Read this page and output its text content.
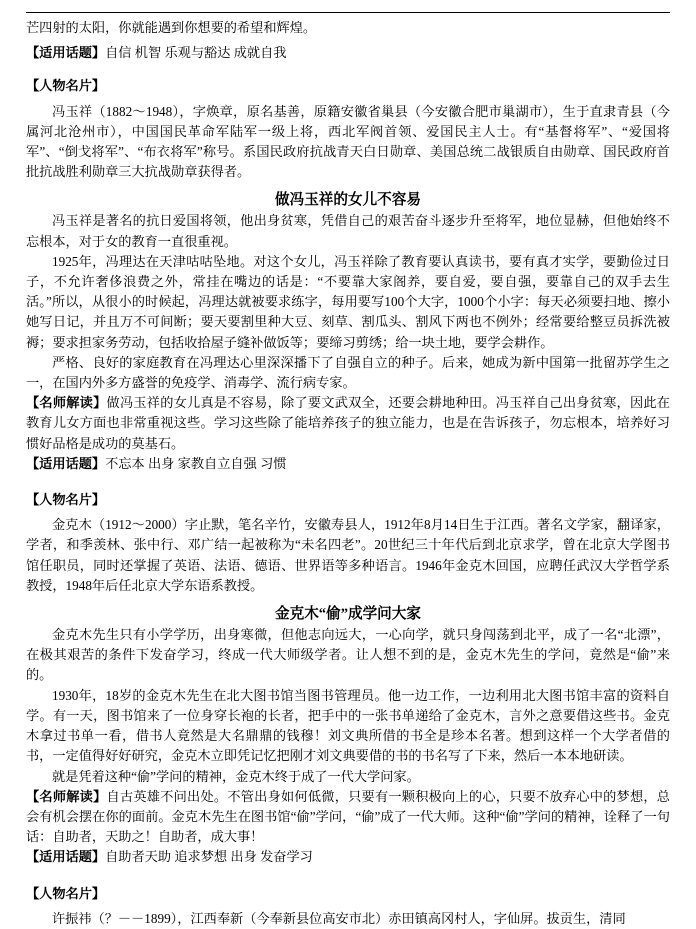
芒四射的太阳，你就能遇到你想要的希望和辉煌。

【适用话题】自信 机智 乐观与豁达 成就自我

【人物名片】

冯玉祥（1882～1948），字焕章，原名基善，原籍安徽省巢县（今安徽合肥市巢湖市），生于直隶青县（今属河北沧州市），中国国民革命军陆军一级上将，西北军阀首领、爱国民主人士。有“基督将军”、“爱国将军”、“倒戈将军”、“布衣将军”称号。系国民政府抗战青天白日勋章、美国总统二战银质自由勋章、国民政府首批抗战胜利勋章三大抗战勋章获得者。

做冯玉祥的女儿不容易

冯玉祥是著名的抗日爱国将领，他出身贫寒，凭借自己的艰苦奋斗逐步升至将军，地位显赫，但他始终不忘根本，对于女的教育一直很重视。

1925年，冯理达在天津咕咕坠地。对这个女儿，冯玉祥除了教育要认真读书，要有真才实学，要勤俭过日子，不允许奢侈浪费之外，常挂在嘴边的话是：“不要靠大家阁养，要自爱，要自强，要靠自己的双手去生活。”所以，从很小的时候起，冯理达就被要求练字，每用要写100个大字，1000个小字：每天必须要扫地、擦小她写日记，并且万不可间断；要天要割里种大豆、刻草、割瓜头、割风下两也不例外；经常要给整豆员拆洗被褥；要求担家务劳动，包括收拾屋子缝补做饭等；要缔习剪绣；给一块土地，要学会耕作。

严格、良好的家庭教育在冯理达心里深深播下了自强自立的种子。后来，她成为新中国第一批留苏学生之一，在国内外多方盛誉的免疫学、消毒学、流行病专家。

【名师解读】做冯玉祥的女儿真是不容易，除了要文武双全，还要会耕地种田。冯玉祥自己出身贫寒，因此在教育儿女方面也非常重视这些。学习这些除了能培养孩子的独立能力，也是在告诉孩子，勿忘根本，培养好习惯好品格是成功的莫基石。

【适用话题】不忘本 出身 家教自立自强 习惯

【人物名片】

金克木（1912～2000）字止默，笔名辛竹，安徽寿县人，1912年8月14日生于江西。著名文学家，翻译家，学者，和季羡林、张中行、邓广结一起被称为“未名四老”。20世纪三十年代后到北京求学，曾在北京大学图书馆任职员，同时还掌握了英语、法语、德语、世界语等多种语言。1946年金克木回国，应聘任武汉大学哲学系教授，1948年后任北京大学东语系教授。

金克木“偷”成学问大家

金克木先生只有小学学历，出身寒微，但他志向远大，一心向学，就只身闯荡到北平，成了一名“北漂”，在极其艰苦的条件下发奋学习，终成一代大师级学者。让人想不到的是，金克木先生的学问，竟然是“偷”来的。

1930年，18岁的金克木先生在北大图书馆当图书管理员。他一边工作，一边利用北大图书馆丰富的资料自学。有一天，图书馆来了一位身穿长袍的长者，把手中的一张书单递给了金克木，言外之意要借这些书。金克木拿过书单一看，借书人竟然是大名鼎鼎的钱穆！刘文典所借的书全是珍本名著。想到这样一个大学者借的书，一定值得好好研究，金克木立即凭记忆把刚才刘文典要借的书的书名写了下来，然后一本本地研读。

就是凭着这种“偷”学问的精神，金克木终于成了一代大学问家。

【名师解读】自古英雄不问出处。不管出身如何低微，只要有一颗积极向上的心，只要不放弃心中的梦想，总会有机会摆在你的面前。金克木先生在图书馆“偷”学问，“偷”成了一代大师。这种“偷”学问的精神，诠释了一句话：自助者，天助之！自助者，成大事！

【适用话题】自助者天助 追求梦想 出身 发奋学习

【人物名片】

许振祎（？－－1899），江西奉新（今奉新县位高安市北）赤田镇高冈村人，字仙屏。拔贡生，清同
